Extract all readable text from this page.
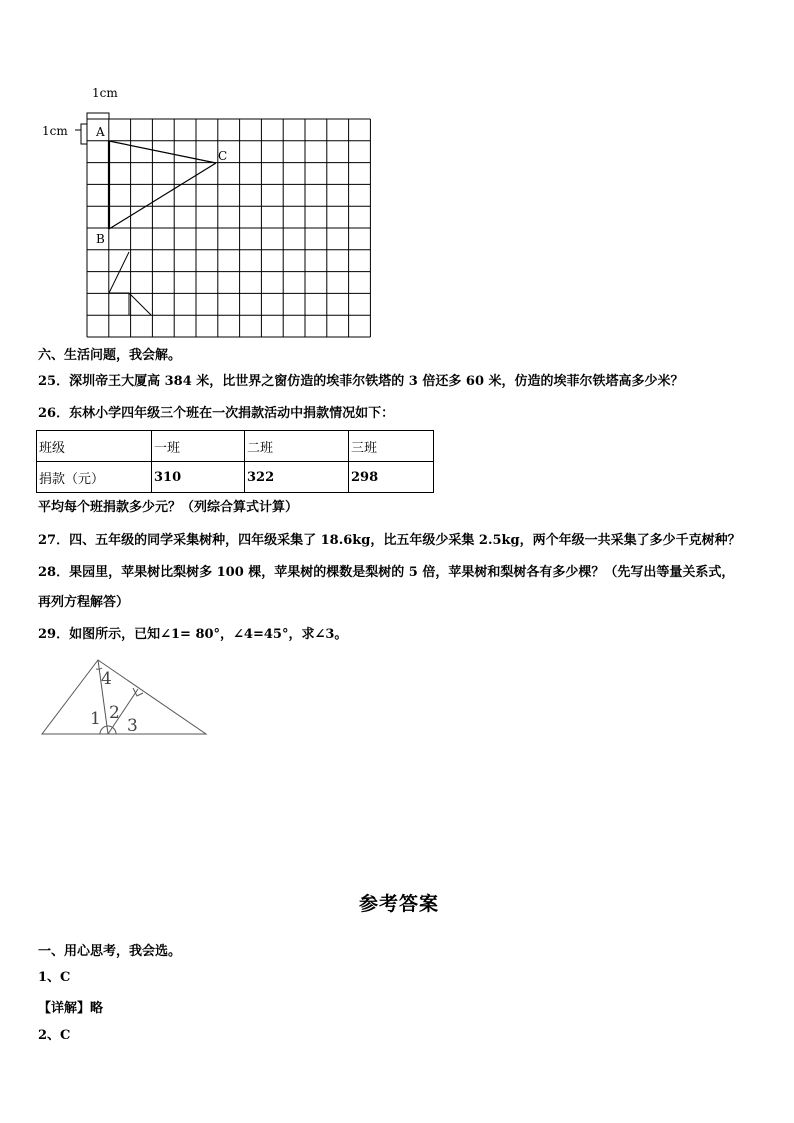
1cm
1cm A
B
C
六、生活问题，我会解。
25．深圳帝王大厦高 384 米，比世界之窗仿造的埃菲尔铁塔的 3 倍还多 60 米，仿造的埃菲尔铁塔高多少米？
26．东林小学四年级三个班在一次捐款活动中捐款情况如下：
班级	一班	二班	三班
捐款（元）	310	322	298
平均每个班捐款多少元？（列综合算式计算）
27．四、五年级的同学采集树种，四年级采集了 18.6kg，比五年级少采集 2.5kg，两个年级一共采集了多少千克树种？
28．果园里，苹果树比梨树多 100 棵，苹果树的棵数是梨树的 5 倍，苹果树和梨树各有多少棵？（先写出等量关系式，
再列方程解答）
29．如图所示，已知∠1= 80°，∠4=45°，求∠3。
4
1 2
3
参考答案
一、用心思考，我会选。
1、C
【详解】略
2、C
